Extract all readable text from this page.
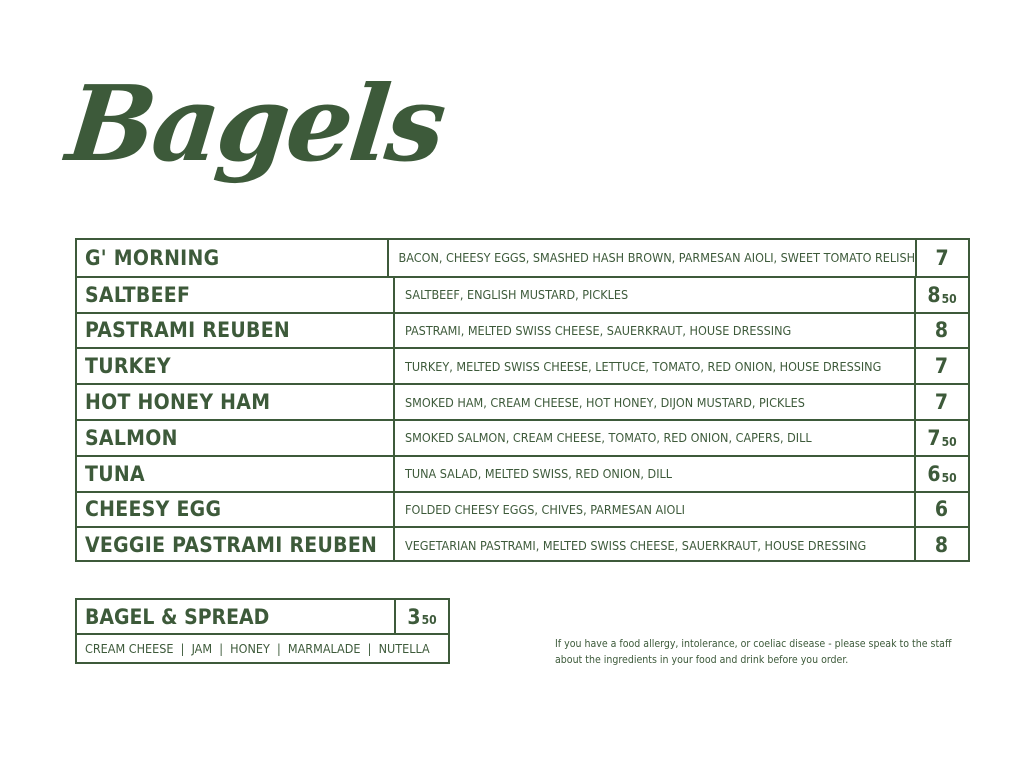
Bagels
G' MORNING	BACON, CHEESY EGGS, SMASHED HASH BROWN, PARMESAN AIOLI, SWEET TOMATO RELISH 7
SALTBEEF	SALTBEEF, ENGLISH MUSTARD, PICKLES	8 50
PASTRAMI REUBEN	PASTRAMI, MELTED SWISS CHEESE, SAUERKRAUT, HOUSE DRESSING	8
TURKEY	TURKEY, MELTED SWISS CHEESE, LETTUCE, TOMATO, RED ONION, HOUSE DRESSING	7
HOT HONEY HAM	SMOKED HAM, CREAM CHEESE, HOT HONEY, DIJON MUSTARD, PICKLES	7
SALMON	SMOKED SALMON, CREAM CHEESE, TOMATO, RED ONION, CAPERS, DILL	7 50
TUNA	TUNA SALAD, MELTED SWISS, RED ONION, DILL	6 50
CHEESY EGG	FOLDED CHEESY EGGS, CHIVES, PARMESAN AIOLI	6
VEGGIE PASTRAMI REUBEN	VEGETARIAN PASTRAMI, MELTED SWISS CHEESE, SAUERKRAUT, HOUSE DRESSING	8
BAGEL & SPREAD	3 50
CREAM CHEESE  |  JAM  |  HONEY  |  MARMALADE  |  NUTELLA	If you have a food allergy, intolerance, or coeliac disease - please speak to the staff
about the ingredients in your food and drink before you order.
